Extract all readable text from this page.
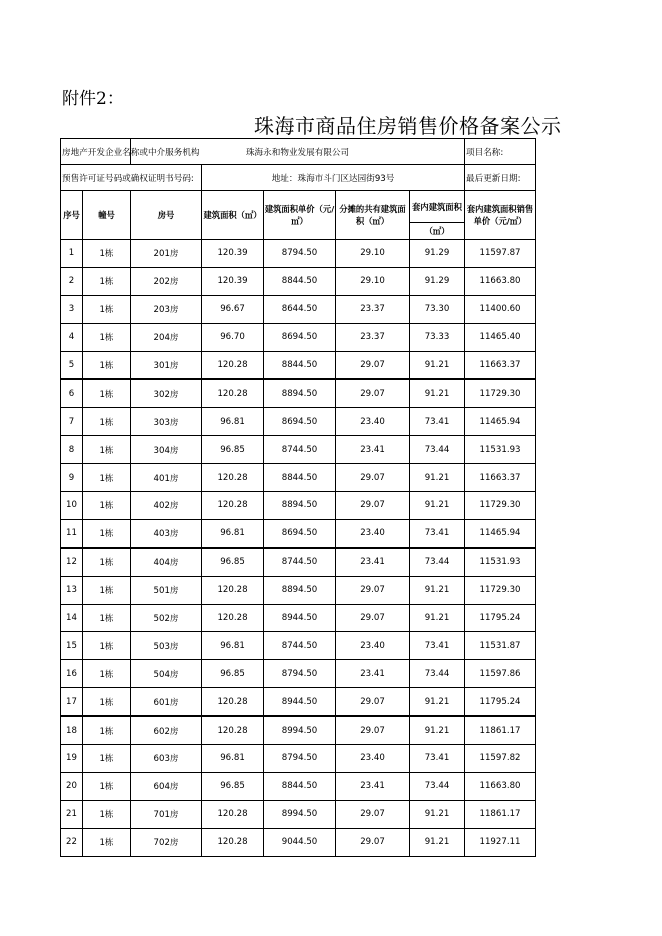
附件2：
珠海市商品住房销售价格备案公示
房地产开发企业名称或中介服务机构		珠海永和物业发展有限公司					项目名称:
预售许可证号码或确权证明书号码:			地址：珠海市斗门区达园街93号				最后更新日期:
序号	幢号	房号	建筑面积（㎡）	建筑面积单价（元/㎡）	分摊的共有建筑面积（㎡）	套内建筑面积	套内建筑面积销售单价（元/㎡）
						（㎡）	
1	1栋	201房	120.39	8794.50	29.10	91.29	11597.87
2	1栋	202房	120.39	8844.50	29.10	91.29	11663.80
3	1栋	203房	96.67	8644.50	23.37	73.30	11400.60
4	1栋	204房	96.70	8694.50	23.37	73.33	11465.40
5	1栋	301房	120.28	8844.50	29.07	91.21	11663.37
6	1栋	302房	120.28	8894.50	29.07	91.21	11729.30
7	1栋	303房	96.81	8694.50	23.40	73.41	11465.94
8	1栋	304房	96.85	8744.50	23.41	73.44	11531.93
9	1栋	401房	120.28	8844.50	29.07	91.21	11663.37
10	1栋	402房	120.28	8894.50	29.07	91.21	11729.30
11	1栋	403房	96.81	8694.50	23.40	73.41	11465.94
12	1栋	404房	96.85	8744.50	23.41	73.44	11531.93
13	1栋	501房	120.28	8894.50	29.07	91.21	11729.30
14	1栋	502房	120.28	8944.50	29.07	91.21	11795.24
15	1栋	503房	96.81	8744.50	23.40	73.41	11531.87
16	1栋	504房	96.85	8794.50	23.41	73.44	11597.86
17	1栋	601房	120.28	8944.50	29.07	91.21	11795.24
18	1栋	602房	120.28	8994.50	29.07	91.21	11861.17
19	1栋	603房	96.81	8794.50	23.40	73.41	11597.82
20	1栋	604房	96.85	8844.50	23.41	73.44	11663.80
21	1栋	701房	120.28	8994.50	29.07	91.21	11861.17
22	1栋	702房	120.28	9044.50	29.07	91.21	11927.11
